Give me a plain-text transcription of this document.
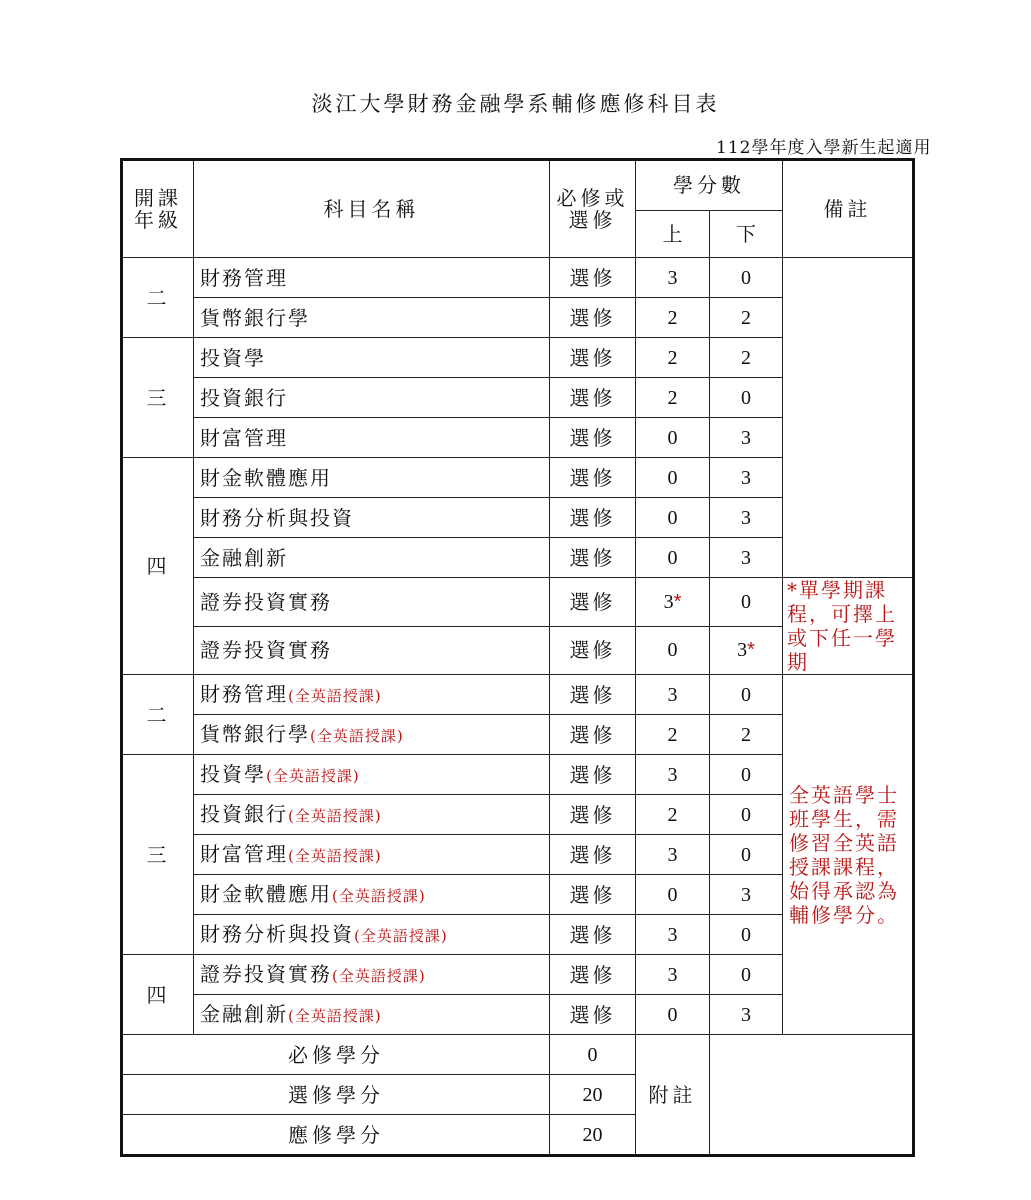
淡江大學財務金融學系輔修應修科目表
112學年度入學新生起適用
開課年級	科目名稱	必修或選修	學分數		備註
			上	下	
二	財務管理	選修	3	0	
	貨幣銀行學	選修	2	2	
三	投資學	選修	2	2	
	投資銀行	選修	2	0	
	財富管理	選修	0	3	
四	財金軟體應用	選修	0	3	
	財務分析與投資	選修	0	3	
	金融創新	選修	0	3	
	證券投資實務	選修	3*	0	*單學期課程，可擇上或下任一學期
	證券投資實務	選修	0	3*	
二	財務管理(全英語授課)	選修	3	0	全英語學士班學生，需修習全英語授課課程，始得承認為輔修學分。
	貨幣銀行學(全英語授課)	選修	2	2	
三	投資學(全英語授課)	選修	3	0	
	投資銀行(全英語授課)	選修	2	0	
	財富管理(全英語授課)	選修	3	0	
	財金軟體應用(全英語授課)	選修	0	3	
	財務分析與投資(全英語授課)	選修	3	0	
四	證券投資實務(全英語授課)	選修	3	0	
	金融創新(全英語授課)	選修	0	3	
必修學分		0	附註		
選修學分		20			
應修學分		20			
